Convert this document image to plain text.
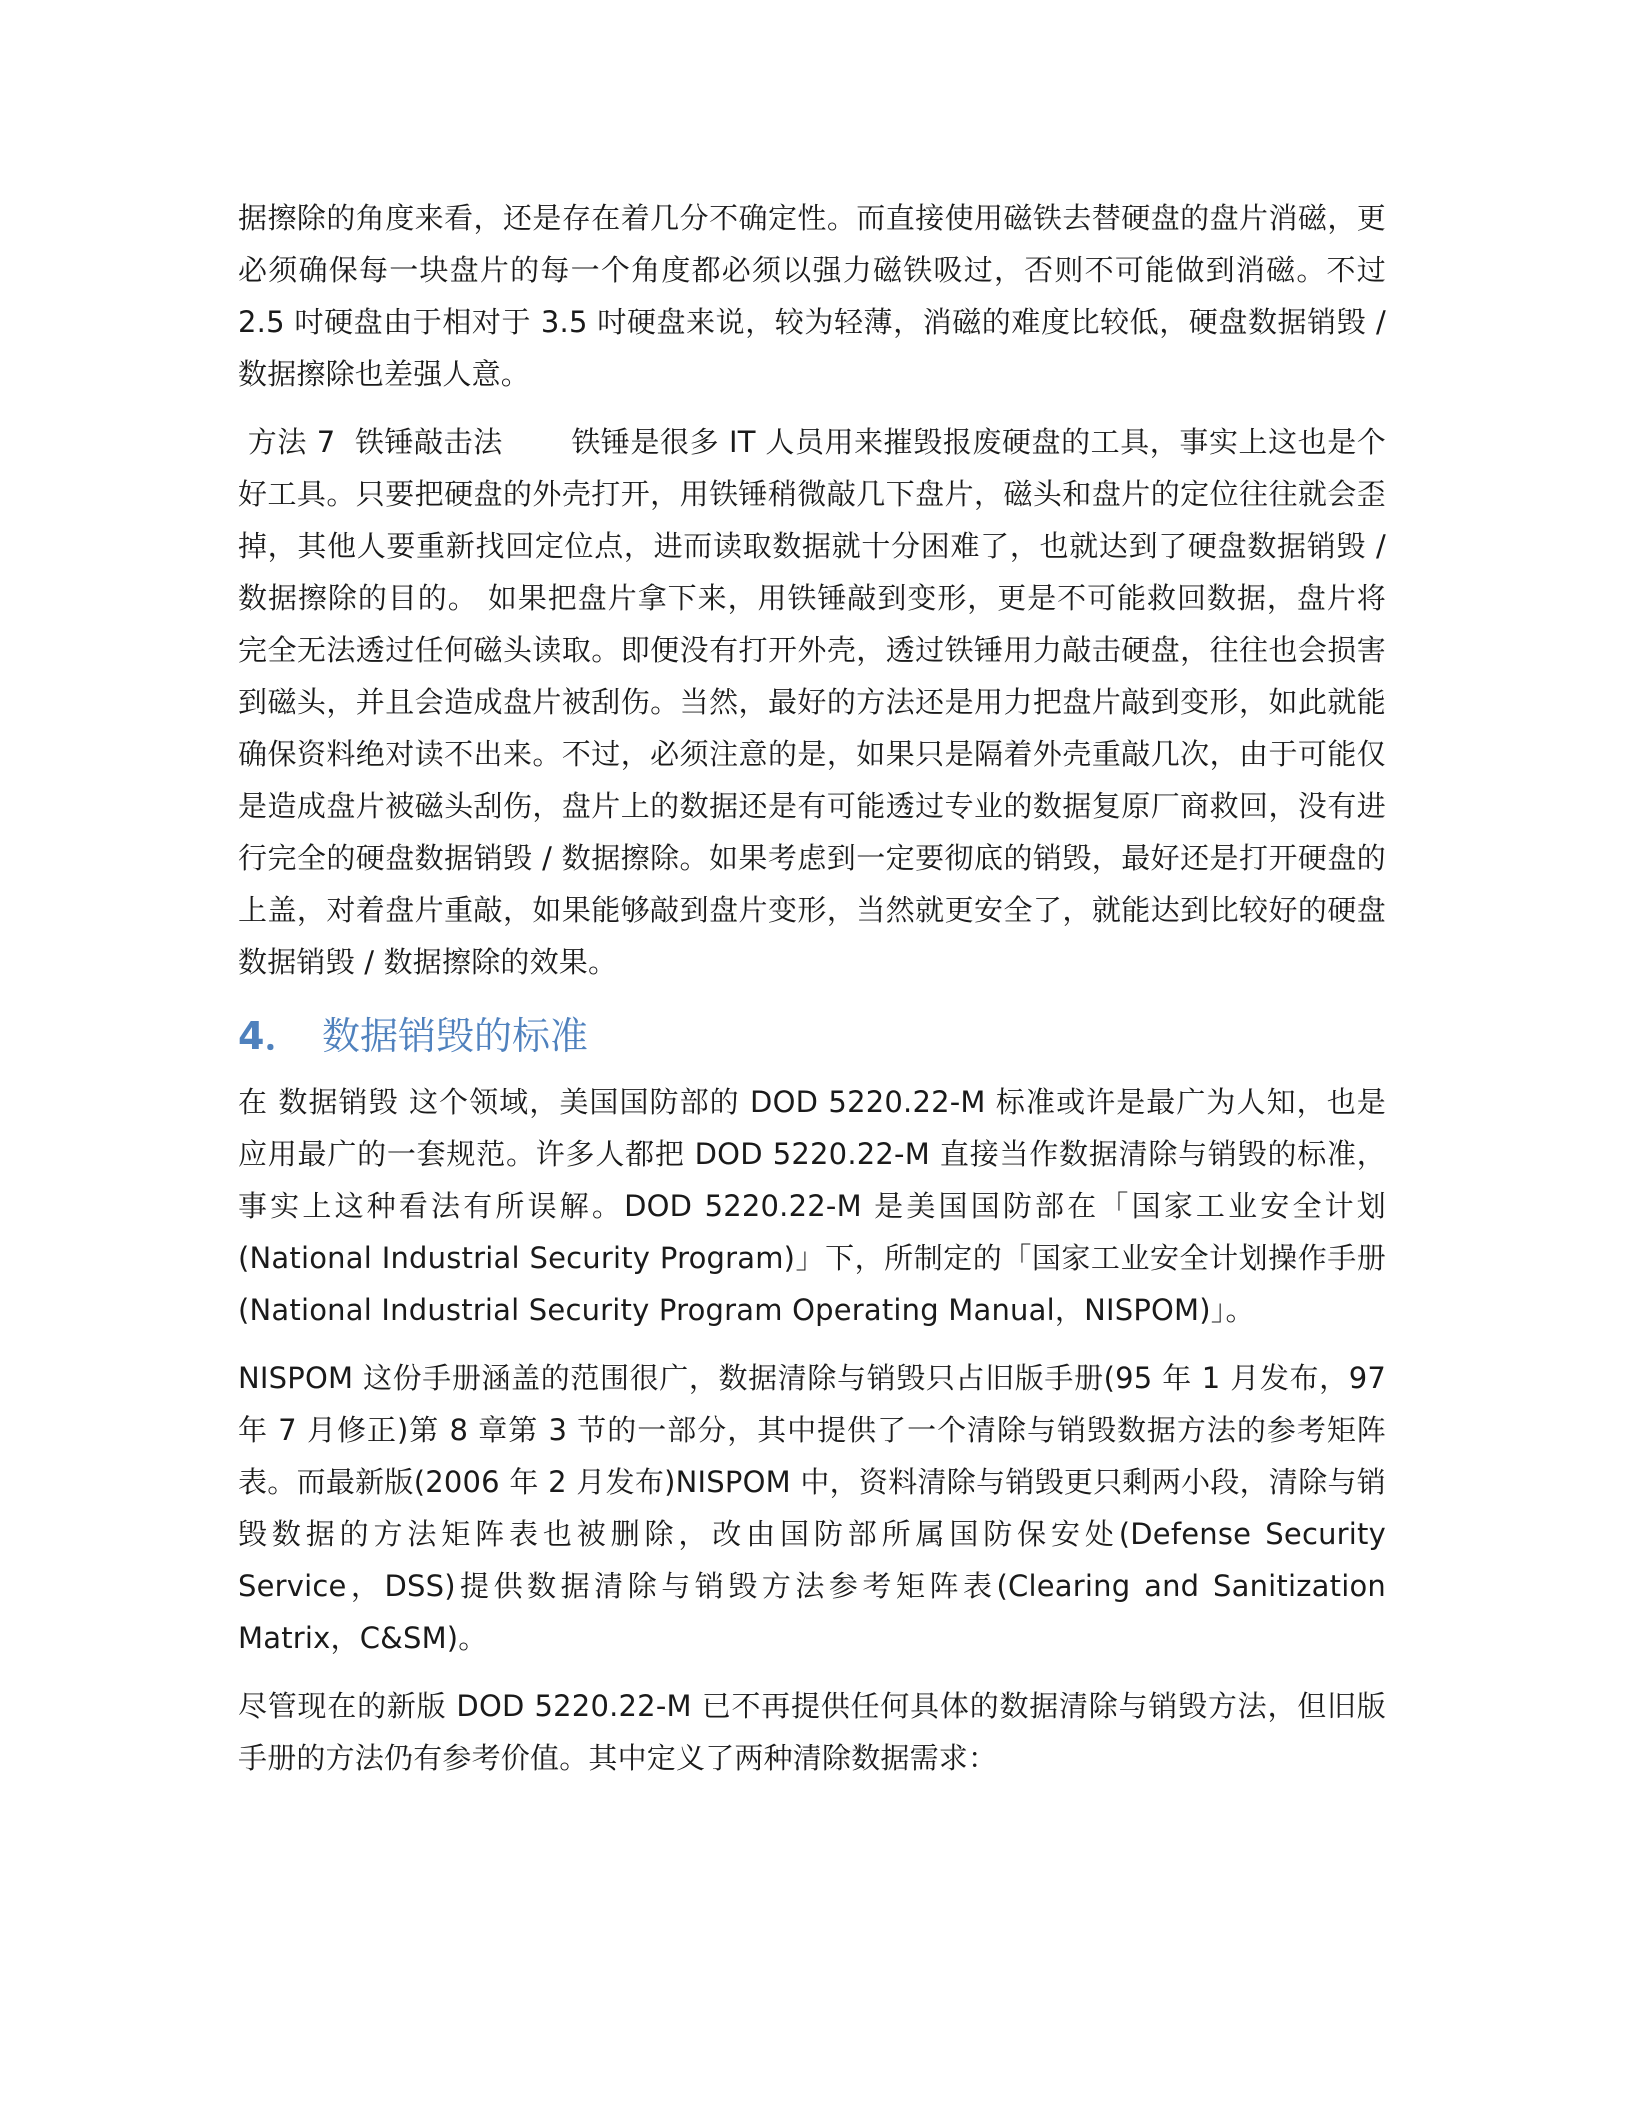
据擦除的角度来看，还是存在着几分不确定性。而直接使用磁铁去替硬盘的盘片消磁，更必须确保每一块盘片的每一个角度都必须以强力磁铁吸过，否则不可能做到消磁。不过 2.5 吋硬盘由于相对于 3.5 吋硬盘来说，较为轻薄，消磁的难度比较低，硬盘数据销毁 / 数据擦除也差强人意。

方法 7  铁锤敲击法       铁锤是很多 IT 人员用来摧毁报废硬盘的工具，事实上这也是个好工具。只要把硬盘的外壳打开，用铁锤稍微敲几下盘片，磁头和盘片的定位往往就会歪掉，其他人要重新找回定位点，进而读取数据就十分困难了，也就达到了硬盘数据销毁 / 数据擦除的目的。 如果把盘片拿下来，用铁锤敲到变形，更是不可能救回数据，盘片将完全无法透过任何磁头读取。即便没有打开外壳，透过铁锤用力敲击硬盘，往往也会损害到磁头，并且会造成盘片被刮伤。当然，最好的方法还是用力把盘片敲到变形，如此就能确保资料绝对读不出来。不过，必须注意的是，如果只是隔着外壳重敲几次，由于可能仅是造成盘片被磁头刮伤，盘片上的数据还是有可能透过专业的数据复原厂商救回，没有进行完全的硬盘数据销毁 / 数据擦除。如果考虑到一定要彻底的销毁，最好还是打开硬盘的上盖，对着盘片重敲，如果能够敲到盘片变形，当然就更安全了，就能达到比较好的硬盘数据销毁 / 数据擦除的效果。

4． 数据销毁的标准

在 数据销毁 这个领域，美国国防部的 DOD 5220.22-M 标准或许是最广为人知，也是应用最广的一套规范。许多人都把 DOD 5220.22-M 直接当作数据清除与销毁的标准，事实上这种看法有所误解。DOD 5220.22-M 是美国国防部在「国家工业安全计划(National Industrial Security Program)」下，所制定的「国家工业安全计划操作手册(National Industrial Security Program Operating Manual，NISPOM)」。

NISPOM 这份手册涵盖的范围很广，数据清除与销毁只占旧版手册(95 年 1 月发布，97 年 7 月修正)第 8 章第 3 节的一部分，其中提供了一个清除与销毁数据方法的参考矩阵表。而最新版(2006 年 2 月发布)NISPOM 中，资料清除与销毁更只剩两小段，清除与销毁数据的方法矩阵表也被删除，改由国防部所属国防保安处(Defense Security Service，DSS)提供数据清除与销毁方法参考矩阵表(Clearing and Sanitization Matrix，C&SM)。

尽管现在的新版 DOD 5220.22-M 已不再提供任何具体的数据清除与销毁方法，但旧版手册的方法仍有参考价值。其中定义了两种清除数据需求：
